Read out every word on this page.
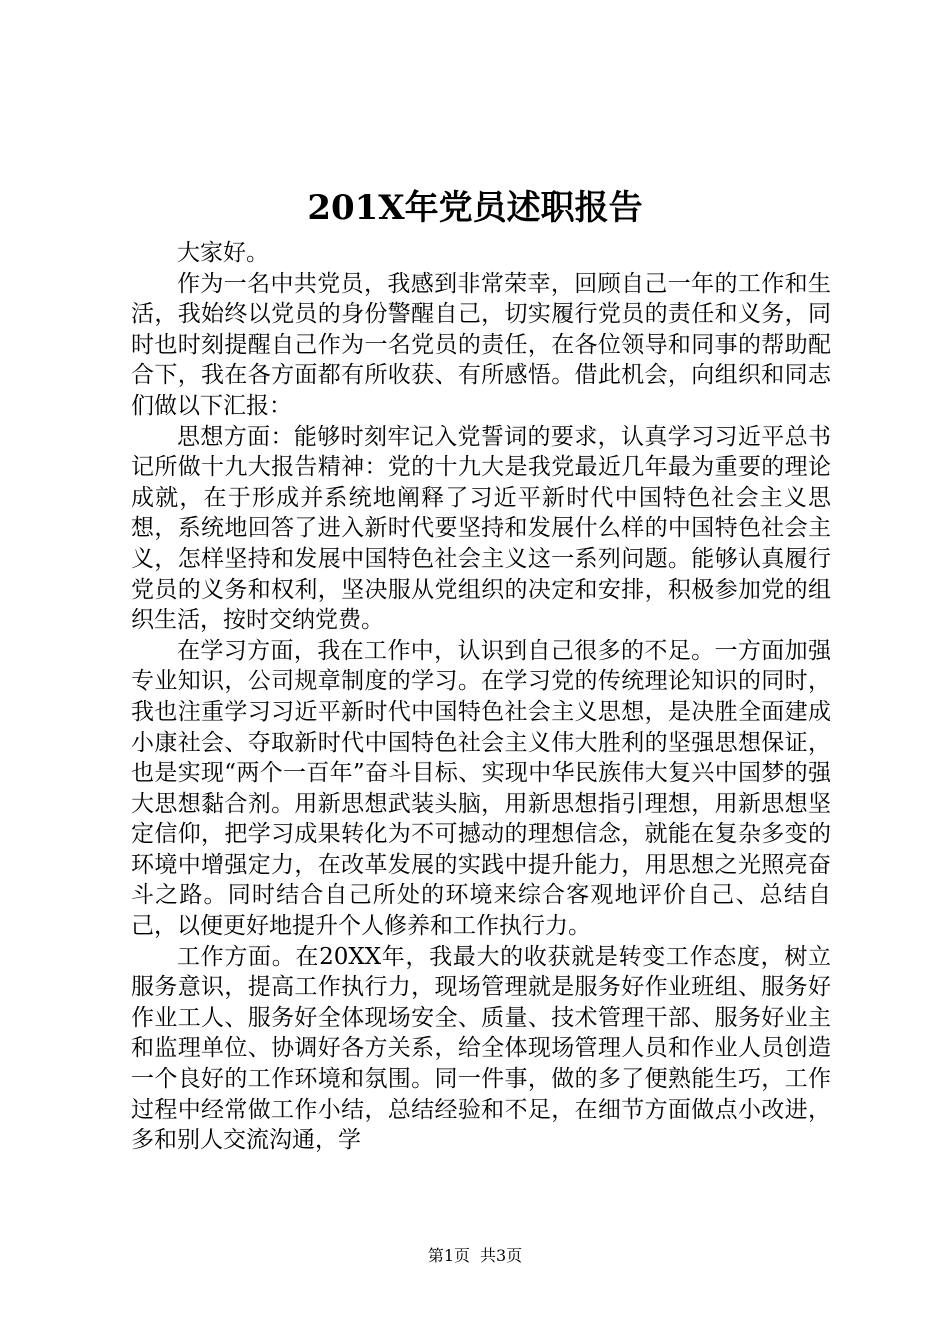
201X年党员述职报告

大家好。

作为一名中共党员，我感到非常荣幸，回顾自己一年的工作和生活，我始终以党员的身份警醒自己，切实履行党员的责任和义务，同时也时刻提醒自己作为一名党员的责任，在各位领导和同事的帮助配合下，我在各方面都有所收获、有所感悟。借此机会，向组织和同志们做以下汇报：

思想方面：能够时刻牢记入党誓词的要求，认真学习习近平总书记所做十九大报告精神：党的十九大是我党最近几年最为重要的理论成就，在于形成并系统地阐释了习近平新时代中国特色社会主义思想，系统地回答了进入新时代要坚持和发展什么样的中国特色社会主义，怎样坚持和发展中国特色社会主义这一系列问题。能够认真履行党员的义务和权利，坚决服从党组织的决定和安排，积极参加党的组织生活，按时交纳党费。

在学习方面，我在工作中，认识到自己很多的不足。一方面加强专业知识，公司规章制度的学习。在学习党的传统理论知识的同时，我也注重学习习近平新时代中国特色社会主义思想，是决胜全面建成小康社会、夺取新时代中国特色社会主义伟大胜利的坚强思想保证，也是实现“两个一百年”奋斗目标、实现中华民族伟大复兴中国梦的强大思想黏合剂。用新思想武装头脑，用新思想指引理想，用新思想坚定信仰，把学习成果转化为不可撼动的理想信念，就能在复杂多变的环境中增强定力，在改革发展的实践中提升能力，用思想之光照亮奋斗之路。同时结合自己所处的环境来综合客观地评价自己、总结自己，以便更好地提升个人修养和工作执行力。

工作方面。在20XX年，我最大的收获就是转变工作态度，树立服务意识，提高工作执行力，现场管理就是服务好作业班组、服务好作业工人、服务好全体现场安全、质量、技术管理干部、服务好业主和监理单位、协调好各方关系，给全体现场管理人员和作业人员创造一个良好的工作环境和氛围。同一件事，做的多了便熟能生巧，工作过程中经常做工作小结，总结经验和不足，在细节方面做点小改进，多和别人交流沟通，学

第1页 共3页
